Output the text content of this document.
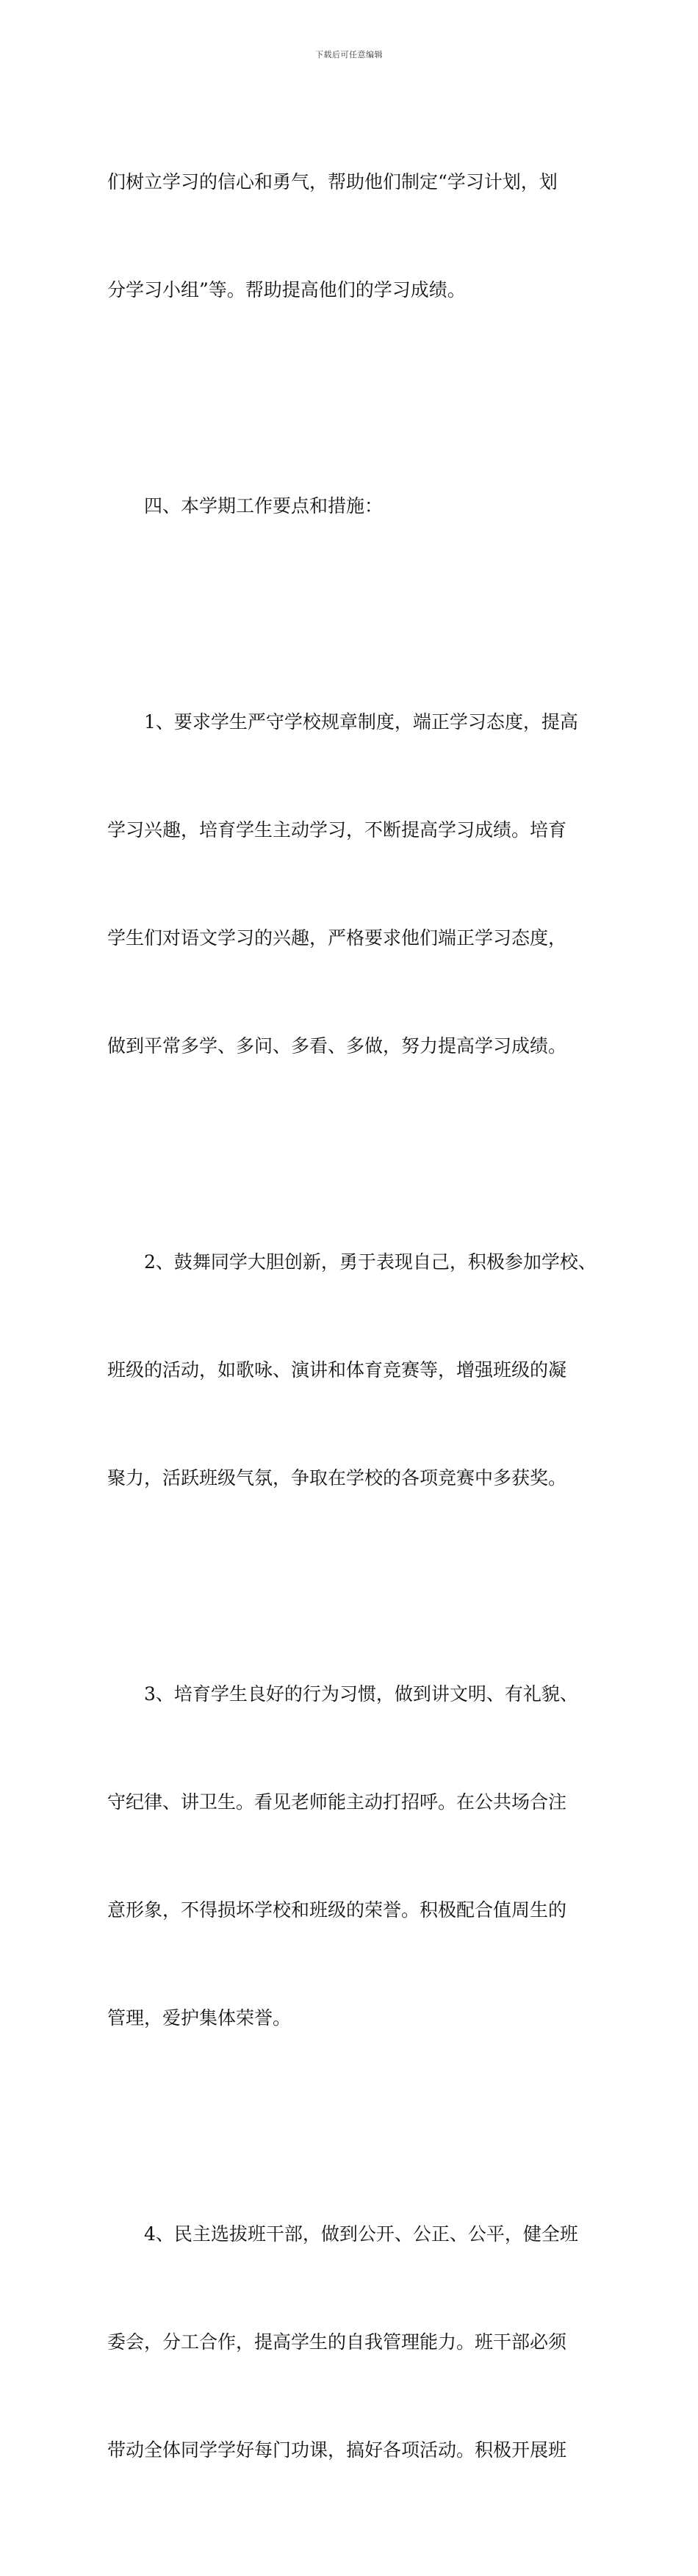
下载后可任意编辑

们树立学习的信心和勇气，帮助他们制定“学习计划，划

分学习小组”等。帮助提高他们的学习成绩。

四、本学期工作要点和措施：

1、要求学生严守学校规章制度，端正学习态度，提高

学习兴趣，培育学生主动学习，不断提高学习成绩。培育

学生们对语文学习的兴趣，严格要求他们端正学习态度，

做到平常多学、多问、多看、多做，努力提高学习成绩。

2、鼓舞同学大胆创新，勇于表现自己，积极参加学校、

班级的活动，如歌咏、演讲和体育竞赛等，增强班级的凝

聚力，活跃班级气氛，争取在学校的各项竞赛中多获奖。

3、培育学生良好的行为习惯，做到讲文明、有礼貌、

守纪律、讲卫生。看见老师能主动打招呼。在公共场合注

意形象，不得损坏学校和班级的荣誉。积极配合值周生的

管理，爱护集体荣誉。

4、民主选拔班干部，做到公开、公正、公平，健全班

委会，分工合作，提高学生的自我管理能力。班干部必须

带动全体同学学好每门功课，搞好各项活动。积极开展班
